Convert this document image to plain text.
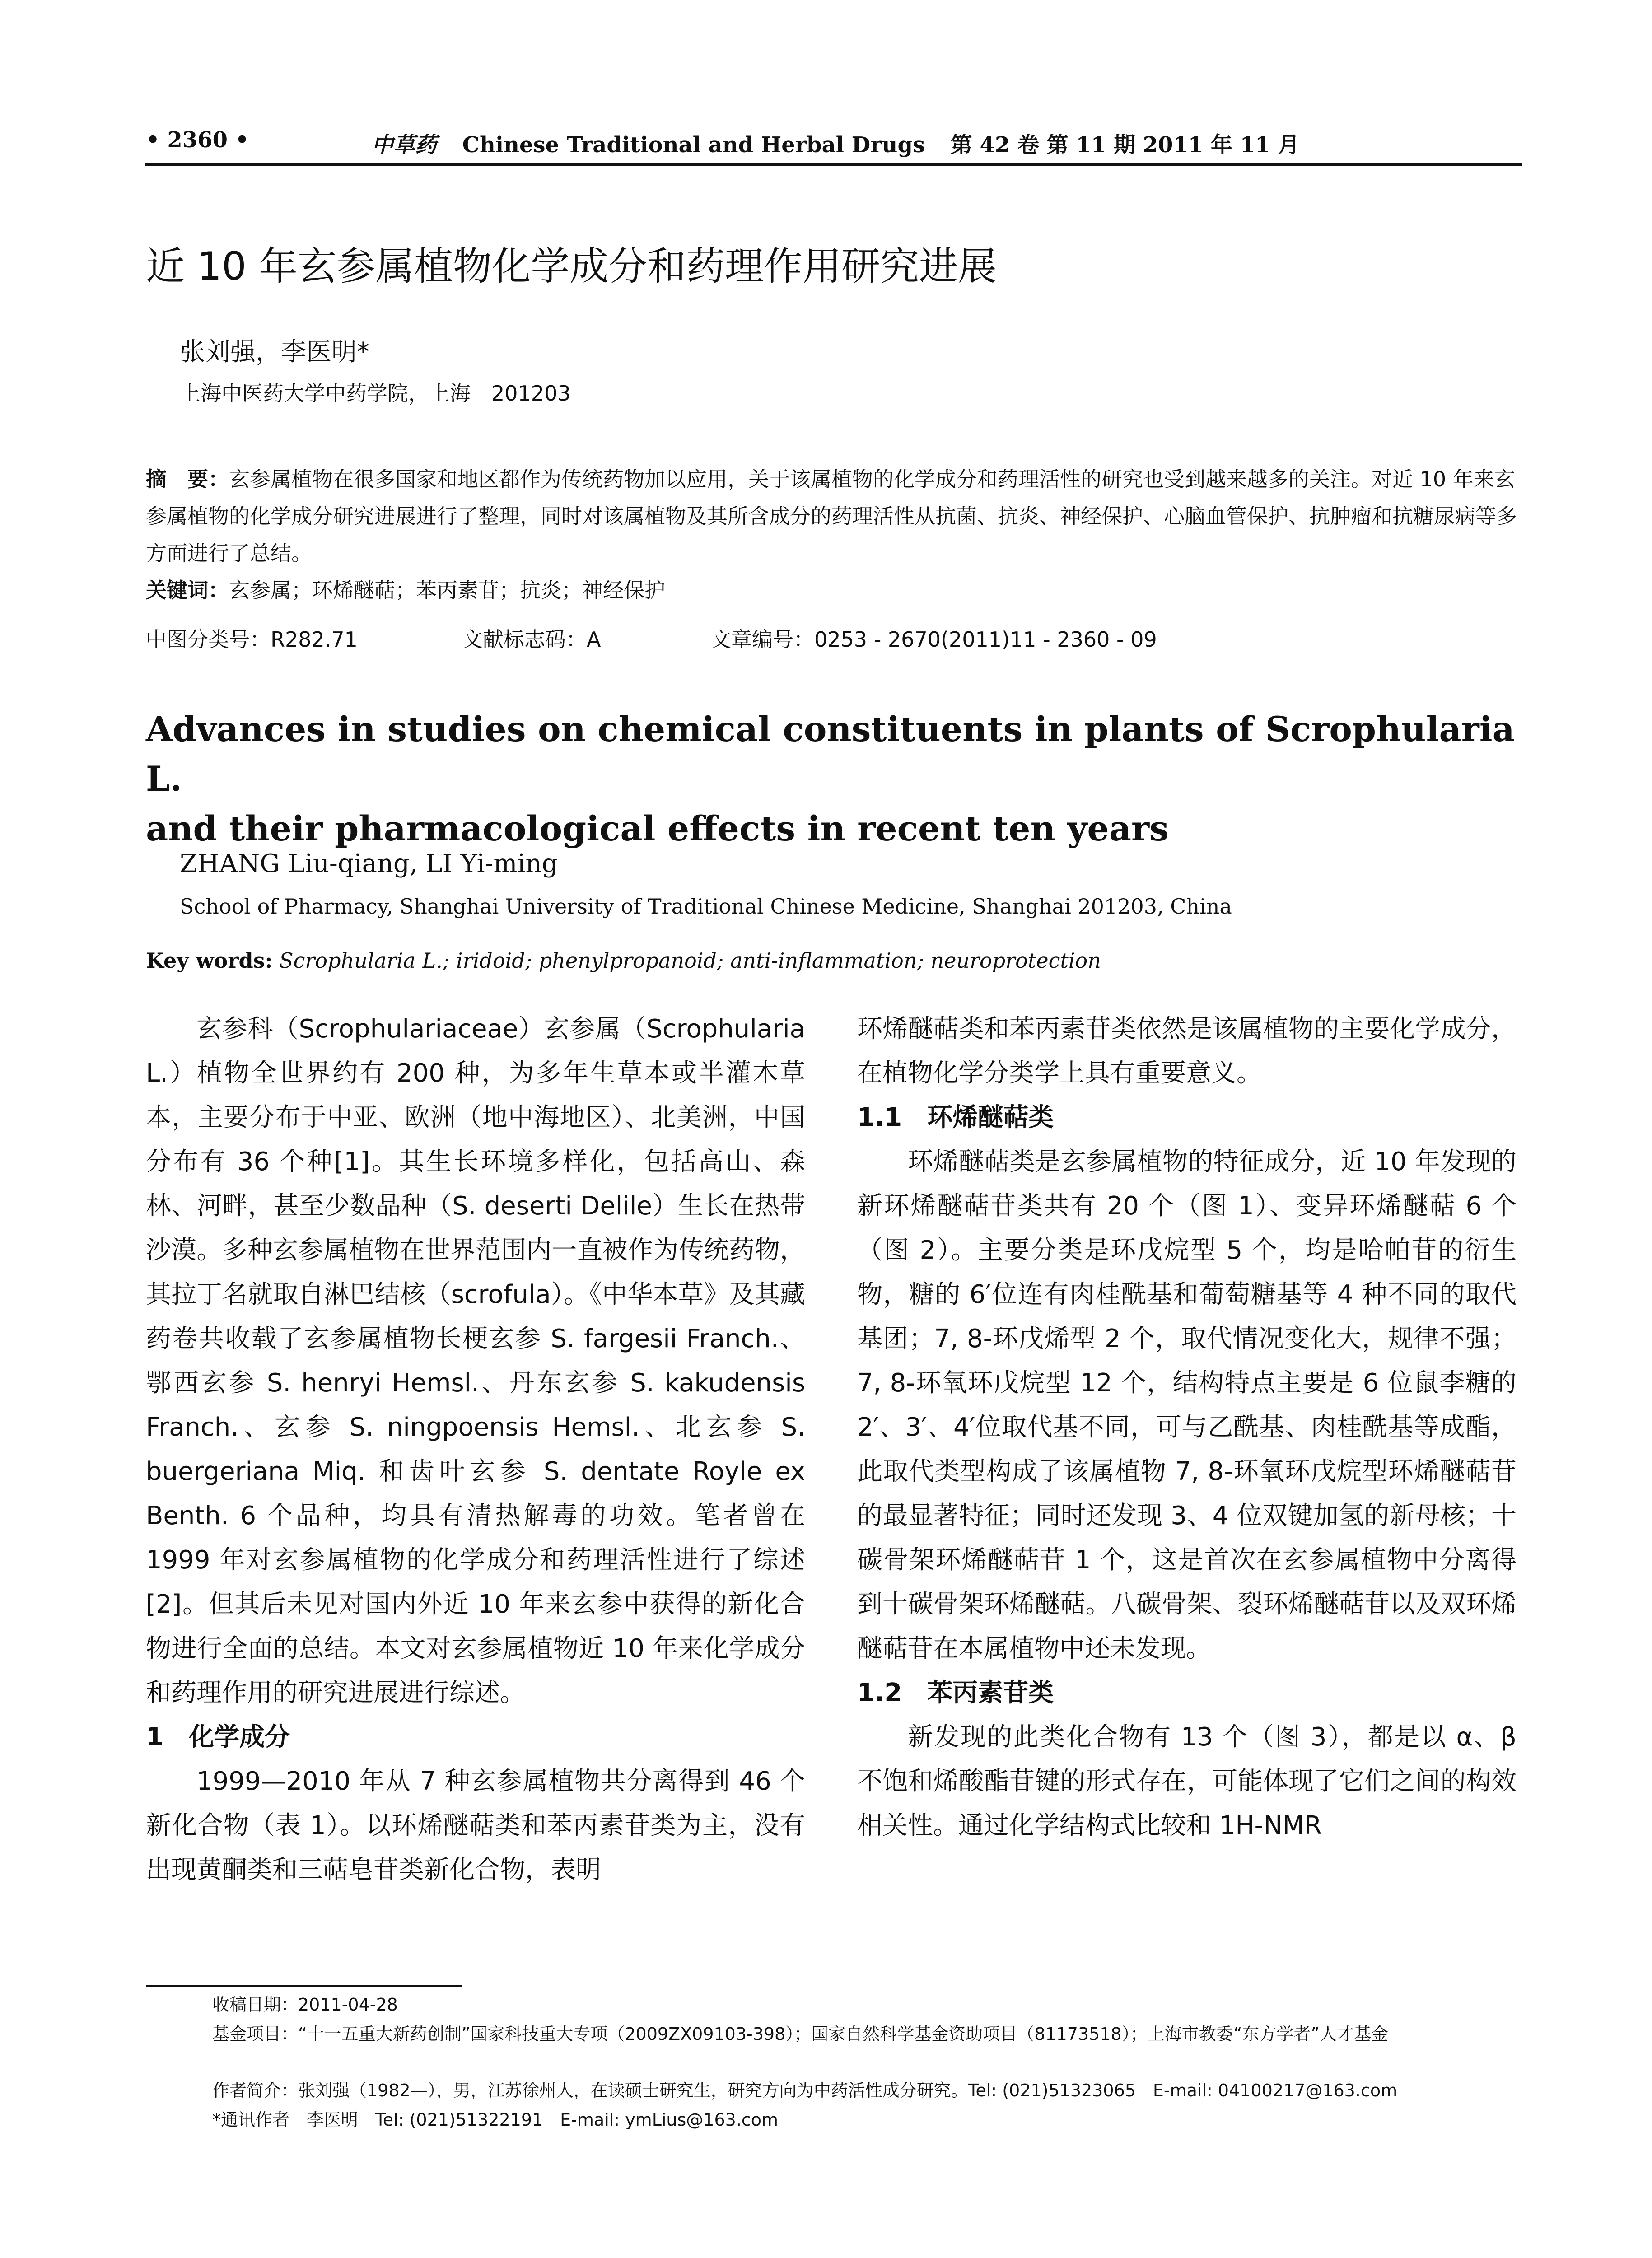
• 2360 •	中草药 Chinese Traditional and Herbal Drugs 第 42 卷 第 11 期 2011 年 11 月
近 10 年玄参属植物化学成分和药理作用研究进展
张刘强，李医明*
上海中医药大学中药学院，上海　201203

摘　要：玄参属植物在很多国家和地区都作为传统药物加以应用，关于该属植物的化学成分和药理活性的研究也受到越来越多的关注。对近 10 年来玄参属植物的化学成分研究进展进行了整理，同时对该属植物及其所含成分的药理活性从抗菌、抗炎、神经保护、心脑血管保护、抗肿瘤和抗糖尿病等多方面进行了总结。

关键词：玄参属；环烯醚萜；苯丙素苷；抗炎；神经保护

中图分类号：R282.71	文献标志码：A	文章编号：0253 - 2670(2011)11 - 2360 - 09
Advances in studies on chemical constituents in plants of Scrophularia L.
and their pharmacological effects in recent ten years
ZHANG Liu-qiang, LI Yi-ming
School of Pharmacy, Shanghai University of Traditional Chinese Medicine, Shanghai 201203, China
Key words: Scrophularia L.; iridoid; phenylpropanoid; anti-inflammation; neuroprotection

玄参科（Scrophulariaceae）玄参属（Scrophularia L.）植物全世界约有 200 种，为多年生草本或半灌木草本，主要分布于中亚、欧洲（地中海地区）、北美洲，中国分布有 36 个种[1]。其生长环境多样化，包括高山、森林、河畔，甚至少数品种（S. deserti Delile）生长在热带沙漠。多种玄参属植物在世界范围内一直被作为传统药物，其拉丁名就取自淋巴结核（scrofula）。《中华本草》及其藏药卷共收载了玄参属植物长梗玄参 S. fargesii Franch.、鄂西玄参 S. henryi Hemsl.、丹东玄参 S. kakudensis Franch.、玄参 S. ningpoensis Hemsl.、北玄参 S. buergeriana Miq. 和齿叶玄参 S. dentate Royle ex Benth. 6 个品种，均具有清热解毒的功效。笔者曾在 1999 年对玄参属植物的化学成分和药理活性进行了综述[2]。但其后未见对国内外近 10 年来玄参中获得的新化合物进行全面的总结。本文对玄参属植物近 10 年来化学成分和药理作用的研究进展进行综述。

1　化学成分

1999—2010 年从 7 种玄参属植物共分离得到 46 个新化合物（表 1）。以环烯醚萜类和苯丙素苷类为主，没有出现黄酮类和三萜皂苷类新化合物，表明

环烯醚萜类和苯丙素苷类依然是该属植物的主要化学成分，在植物化学分类学上具有重要意义。

1.1　环烯醚萜类

环烯醚萜类是玄参属植物的特征成分，近 10 年发现的新环烯醚萜苷类共有 20 个（图 1）、变异环烯醚萜 6 个（图 2）。主要分类是环戊烷型 5 个，均是哈帕苷的衍生物，糖的 6′位连有肉桂酰基和葡萄糖基等 4 种不同的取代基团；7, 8-环戊烯型 2 个，取代情况变化大，规律不强；7, 8-环氧环戊烷型 12 个，结构特点主要是 6 位鼠李糖的 2′、3′、4′位取代基不同，可与乙酰基、肉桂酰基等成酯，此取代类型构成了该属植物 7, 8-环氧环戊烷型环烯醚萜苷的最显著特征；同时还发现 3、4 位双键加氢的新母核；十碳骨架环烯醚萜苷 1 个，这是首次在玄参属植物中分离得到十碳骨架环烯醚萜。八碳骨架、裂环烯醚萜苷以及双环烯醚萜苷在本属植物中还未发现。

1.2　苯丙素苷类

新发现的此类化合物有 13 个（图 3），都是以 α、β 不饱和烯酸酯苷键的形式存在，可能体现了它们之间的构效相关性。通过化学结构式比较和 1H-NMR

收稿日期：2011-04-28
基金项目：“十一五重大新药创制”国家科技重大专项（2009ZX09103-398）；国家自然科学基金资助项目（81173518）；上海市教委“东方学者”人才基金
作者简介：张刘强（1982—），男，江苏徐州人，在读硕士研究生，研究方向为中药活性成分研究。Tel: (021)51323065　E-mail: 04100217@163.com
*通讯作者　李医明　Tel: (021)51322191　E-mail: ymLius@163.com
